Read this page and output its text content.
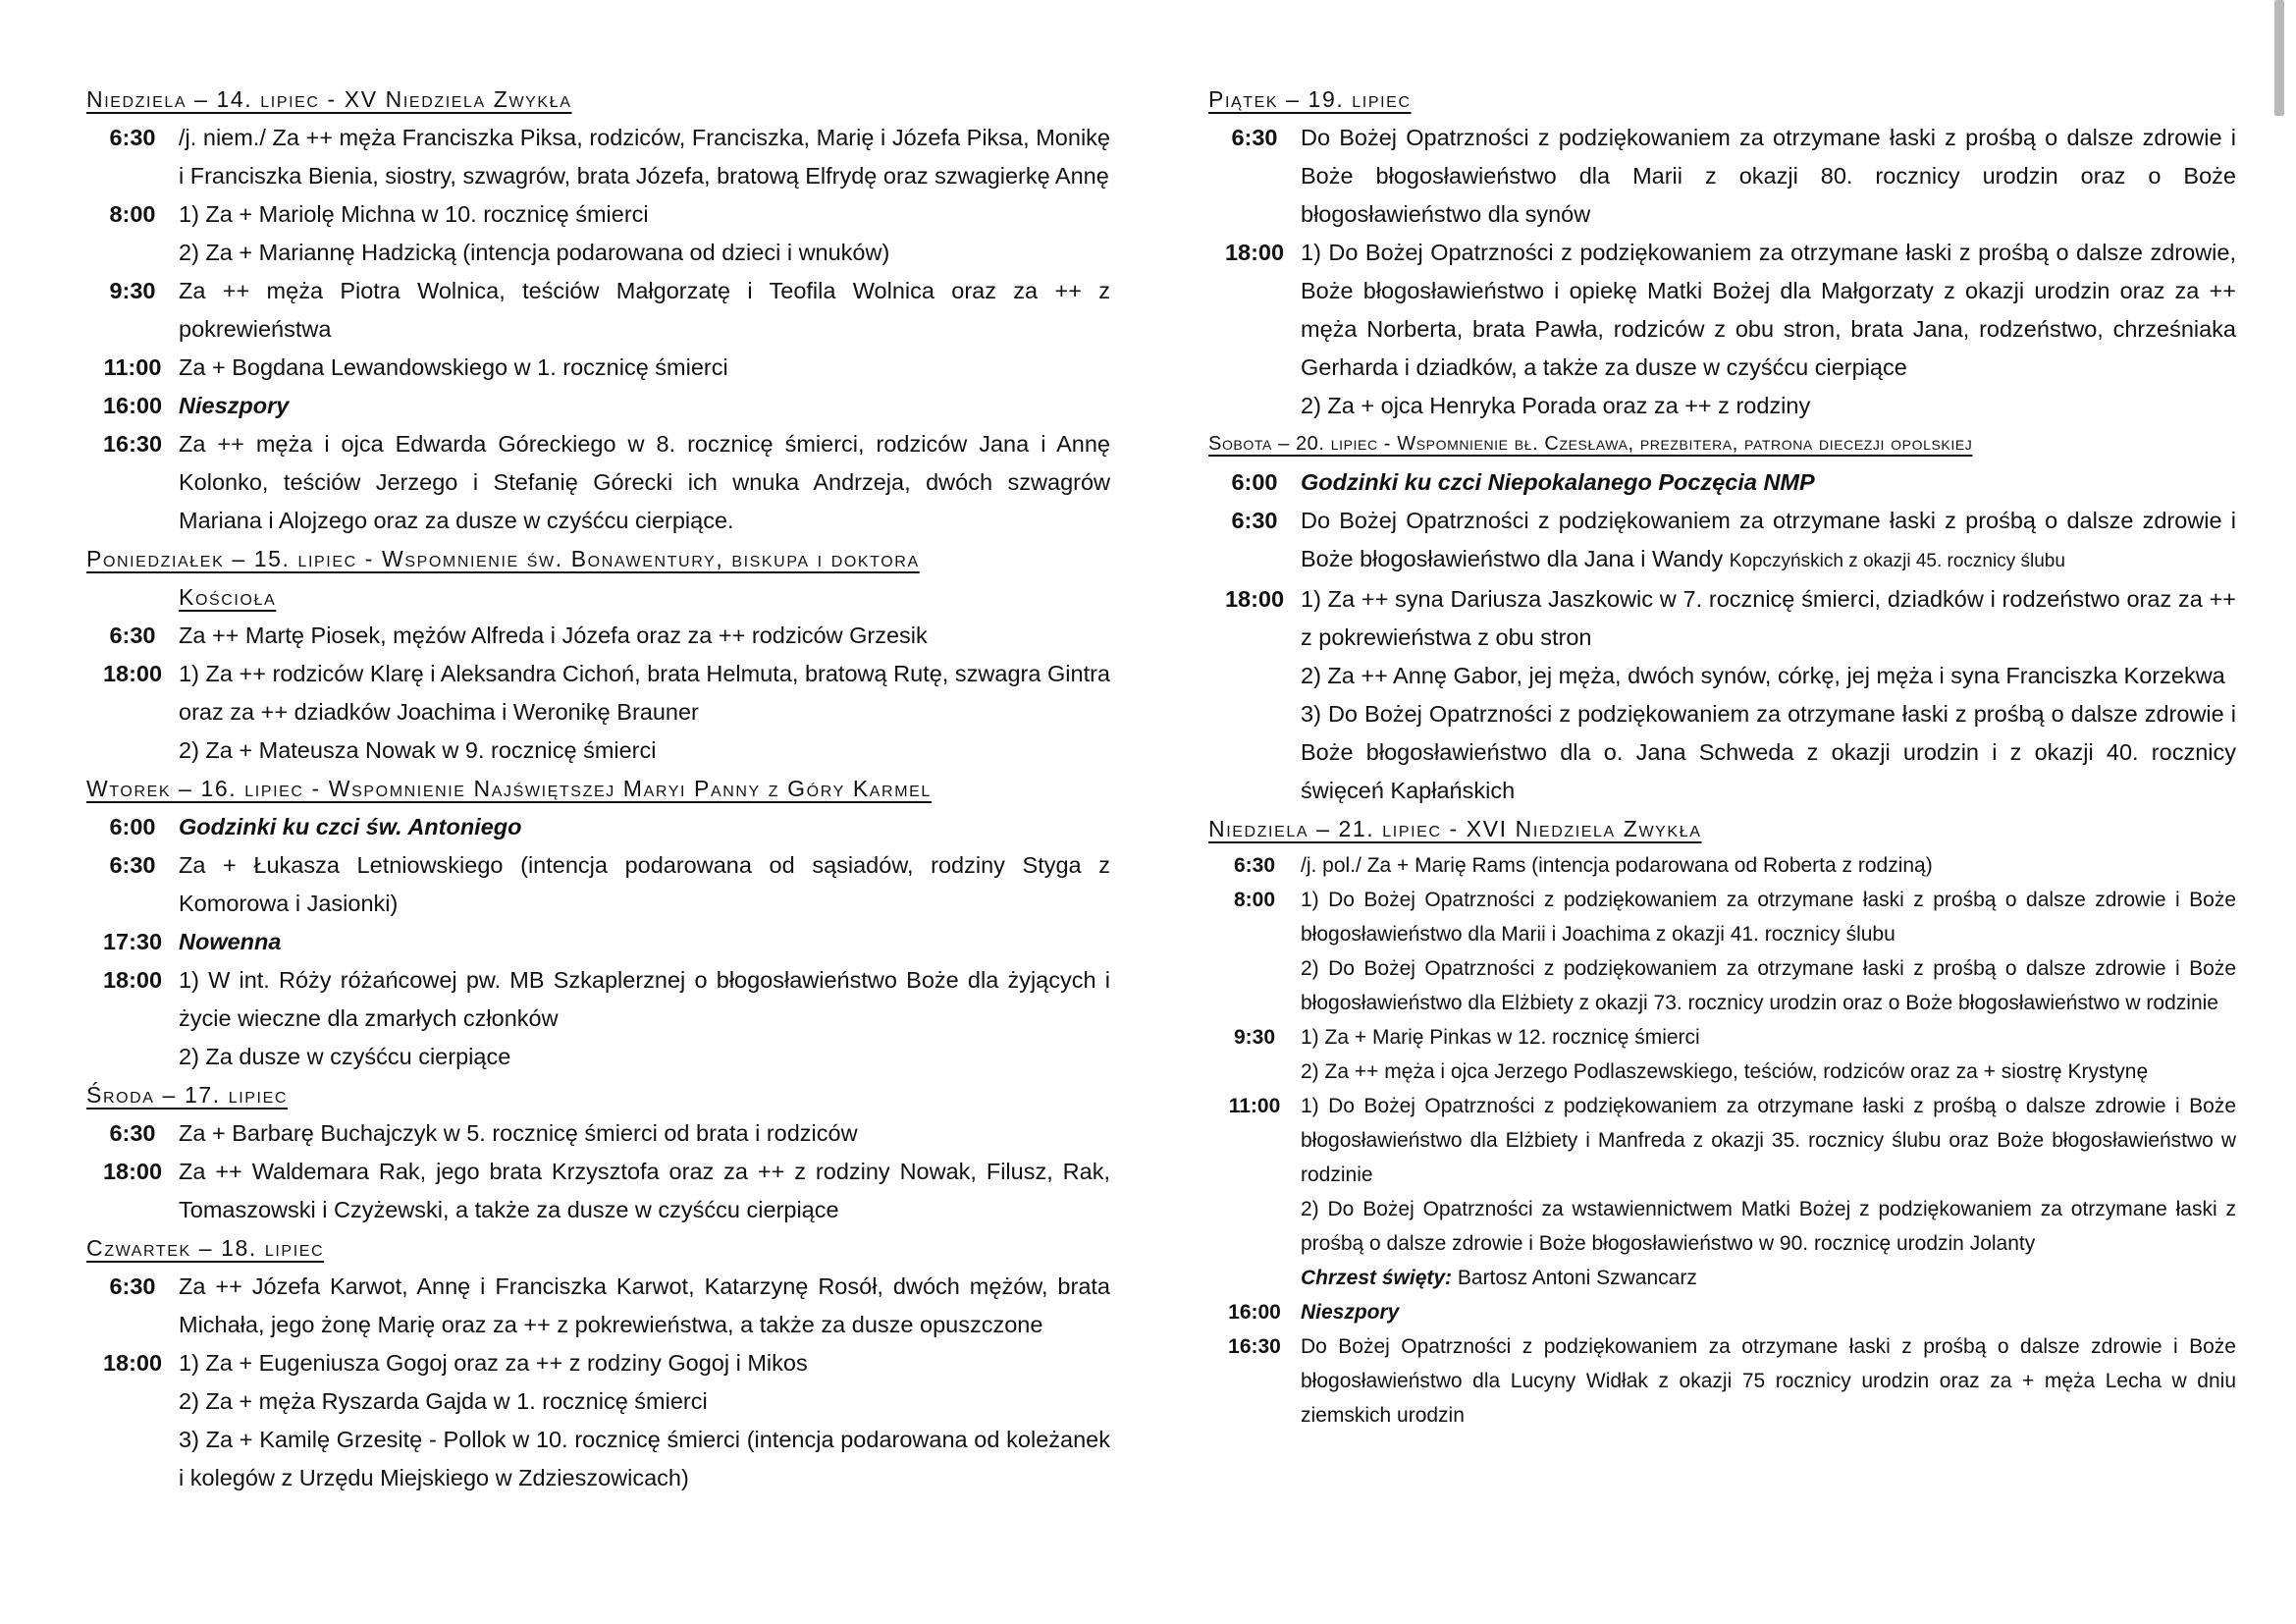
Niedziela – 14. lipiec - XV Niedziela Zwykła
6:30 /j. niem./ Za ++ męża Franciszka Piksa, rodziców, Franciszka, Marię i Józefa Piksa, Monikę i Franciszka Bienia, siostry, szwagrów, brata Józefa, bratową Elfrydę oraz szwagierkę Annę
8:00 1) Za + Mariolę Michna w 10. rocznicę śmierci
2) Za + Mariannę Hadzicką (intencja podarowana od dzieci i wnuków)
9:30 Za ++ męża Piotra Wolnica, teściów Małgorzatę i Teofila Wolnica oraz za ++ z pokrewieństwa
11:00 Za + Bogdana Lewandowskiego w 1. rocznicę śmierci
16:00 Nieszpory
16:30 Za ++ męża i ojca Edwarda Góreckiego w 8. rocznicę śmierci, rodziców Jana i Annę Kolonko, teściów Jerzego i Stefanię Górecki ich wnuka Andrzeja, dwóch szwagrów Mariana i Alojzego oraz za dusze w czyśćcu cierpiące.
Poniedziałek – 15. lipiec - Wspomnienie św. Bonawentury, biskupa i doktora
Kościoła
6:30 Za ++ Martę Piosek, mężów Alfreda i Józefa oraz za ++ rodziców Grzesik
18:00 1) Za ++ rodziców Klarę i Aleksandra Cichoń, brata Helmuta, bratową Rutę, szwagra Gintra oraz za ++ dziadków Joachima i Weronikę Brauner
2) Za + Mateusza Nowak w 9. rocznicę śmierci
Wtorek – 16. lipiec - Wspomnienie Najświętszej Maryi Panny z Góry Karmel
6:00 Godzinki ku czci św. Antoniego
6:30 Za + Łukasza Letniowskiego (intencja podarowana od sąsiadów, rodziny Styga z Komorowa i Jasionki)
17:30 Nowenna
18:00 1) W int. Róży różańcowej pw. MB Szkaplerznej o błogosławieństwo Boże dla żyjących i życie wieczne dla zmarłych członków
2) Za dusze w czyśćcu cierpiące
Środa – 17. lipiec
6:30 Za + Barbarę Buchajczyk w 5. rocznicę śmierci od brata i rodziców
18:00 Za ++ Waldemara Rak, jego brata Krzysztofa oraz za ++ z rodziny Nowak, Filusz, Rak, Tomaszowski i Czyżewski, a także za dusze w czyśćcu cierpiące
Czwartek – 18. lipiec
6:30 Za ++ Józefa Karwot, Annę i Franciszka Karwot, Katarzynę Rosół, dwóch mężów, brata Michała, jego żonę Marię oraz za ++ z pokrewieństwa, a także za dusze opuszczone
18:00 1) Za + Eugeniusza Gogoj oraz za ++ z rodziny Gogoj i Mikos
2) Za + męża Ryszarda Gajda w 1. rocznicę śmierci
3) Za + Kamilę Grzesitę - Pollok w 10. rocznicę śmierci (intencja podarowana od koleżanek i kolegów z Urzędu Miejskiego w Zdzieszowicach)
Piątek – 19. lipiec
6:30 Do Bożej Opatrzności z podziękowaniem za otrzymane łaski z prośbą o dalsze zdrowie i Boże błogosławieństwo dla Marii z okazji 80. rocznicy urodzin oraz o Boże błogosławieństwo dla synów
18:00 1) Do Bożej Opatrzności z podziękowaniem za otrzymane łaski z prośbą o dalsze zdrowie, Boże błogosławieństwo i opiekę Matki Bożej dla Małgorzaty z okazji urodzin oraz za ++ męża Norberta, brata Pawła, rodziców z obu stron, brata Jana, rodzeństwo, chrześniaka Gerharda i dziadków, a także za dusze w czyśćcu cierpiące
2) Za + ojca Henryka Porada oraz za ++ z rodziny
Sobota – 20. lipiec - Wspomnienie bł. Czesława, prezbitera, patrona diecezji opolskiej
6:00 Godzinki ku czci Niepokalanego Poczęcia NMP
6:30 Do Bożej Opatrzności z podziękowaniem za otrzymane łaski z prośbą o dalsze zdrowie i Boże błogosławieństwo dla Jana i Wandy Kopczyńskich z okazji 45. rocznicy ślubu
18:00 1) Za ++ syna Dariusza Jaszkowic w 7. rocznicę śmierci, dziadków i rodzeństwo oraz za ++ z pokrewieństwa z obu stron
2) Za ++ Annę Gabor, jej męża, dwóch synów, córkę, jej męża i syna Franciszka Korzekwa
3) Do Bożej Opatrzności z podziękowaniem za otrzymane łaski z prośbą o dalsze zdrowie i Boże błogosławieństwo dla o. Jana Schweda z okazji urodzin i z okazji 40. rocznicy święceń Kapłańskich
Niedziela – 21. lipiec - XVI Niedziela Zwykła
6:30	/j. pol./ Za + Marię Rams (intencja podarowana od Roberta z rodziną)
8:00	1) Do Bożej Opatrzności z podziękowaniem za otrzymane łaski z prośbą o dalsze zdrowie i Boże błogosławieństwo dla Marii i Joachima z okazji 41. rocznicy ślubu
2) Do Bożej Opatrzności z podziękowaniem za otrzymane łaski z prośbą o dalsze zdrowie i Boże błogosławieństwo dla Elżbiety z okazji 73. rocznicy urodzin oraz o Boże błogosławieństwo w rodzinie
9:30	1) Za + Marię Pinkas w 12. rocznicę śmierci
2) Za ++ męża i ojca Jerzego Podlaszewskiego, teściów, rodziców oraz za + siostrę Krystynę
11:00 1) Do Bożej Opatrzności z podziękowaniem za otrzymane łaski z prośbą o dalsze zdrowie i Boże błogosławieństwo dla Elżbiety i Manfreda z okazji 35. rocznicy ślubu oraz Boże błogosławieństwo w rodzinie
2) Do Bożej Opatrzności za wstawiennictwem Matki Bożej z podziękowaniem za otrzymane łaski z prośbą o dalsze zdrowie i Boże błogosławieństwo w 90. rocznicę urodzin Jolanty
Chrzest święty: Bartosz Antoni Szwancarz
16:00 Nieszpory
16:30 Do Bożej Opatrzności z podziękowaniem za otrzymane łaski z prośbą o dalsze zdrowie i Boże błogosławieństwo dla Lucyny Widłak z okazji 75 rocznicy urodzin oraz za + męża Lecha w dniu ziemskich urodzin
